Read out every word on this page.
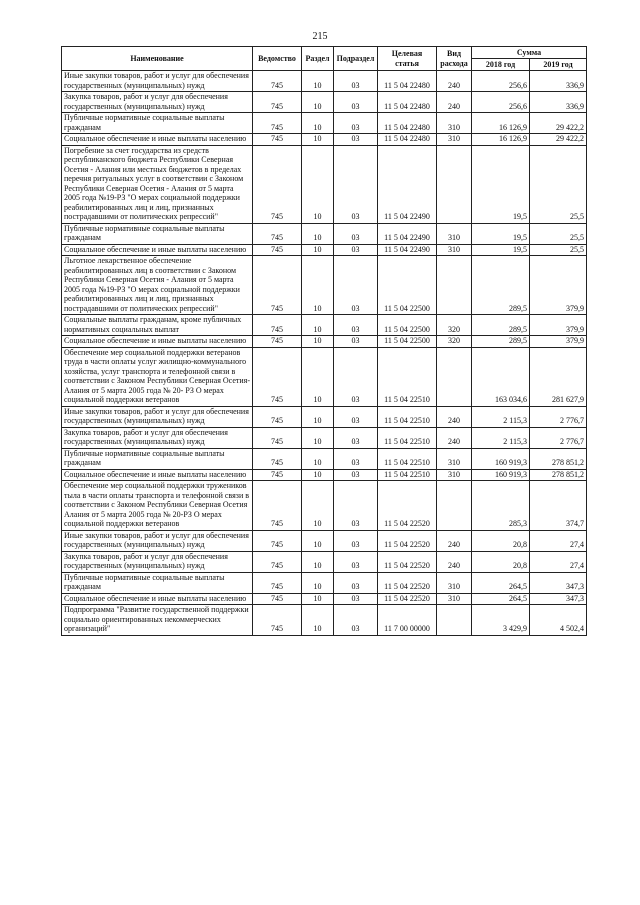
215
Наименование	Ведомство	Раздел	Подраздел	Целевая статья	Вид расхода	Сумма	
						2018 год	2019 год
Иные закупки товаров, работ и услуг для обеспечения государственных (муниципальных) нужд	745	10	03	11 5 04 22480	240	256,6	336,9
Закупка товаров, работ и услуг для обеспечения государственных (муниципальных) нужд	745	10	03	11 5 04 22480	240	256,6	336,9
Публичные нормативные социальные выплаты гражданам	745	10	03	11 5 04 22480	310	16 126,9	29 422,2
Социальное обеспечение и иные выплаты населению	745	10	03	11 5 04 22480	310	16 126,9	29 422,2
Погребение за счет государства из средств республиканского бюджета Республики Северная Осетия - Алания или местных бюджетов в пределах перечня ритуальных услуг в соответствии с Законом Республики Северная Осетия - Алания от 5 марта 2005 года №19-РЗ "О мерах социальной поддержки реабилитированных лиц и лиц, признанных пострадавшими от политических репрессий"	745	10	03	11 5 04 22490		19,5	25,5
Публичные нормативные социальные выплаты гражданам	745	10	03	11 5 04 22490	310	19,5	25,5
Социальное обеспечение и иные выплаты населению	745	10	03	11 5 04 22490	310	19,5	25,5
Льготное лекарственное обеспечение реабилитированных лиц в соответствии с Законом Республики Северная Осетия - Алания от 5 марта 2005 года №19-РЗ "О мерах социальной поддержки реабилитированных лиц и лиц, признанных пострадавшими от политических репрессий"	745	10	03	11 5 04 22500		289,5	379,9
Социальные выплаты гражданам, кроме публичных нормативных социальных выплат	745	10	03	11 5 04 22500	320	289,5	379,9
Социальное обеспечение и иные выплаты населению	745	10	03	11 5 04 22500	320	289,5	379,9
Обеспечение мер социальной поддержки ветеранов труда в части оплаты услуг жилищно-коммунального хозяйства, услуг транспорта и телефонной связи в соответствии с Законом Республики Северная Осетия-Алания от 5 марта 2005 года № 20- РЗ О мерах социальной поддержки ветеранов	745	10	03	11 5 04 22510		163 034,6	281 627,9
Иные закупки товаров, работ и услуг для обеспечения государственных (муниципальных) нужд	745	10	03	11 5 04 22510	240	2 115,3	2 776,7
Закупка товаров, работ и услуг для обеспечения государственных (муниципальных) нужд	745	10	03	11 5 04 22510	240	2 115,3	2 776,7
Публичные нормативные социальные выплаты гражданам	745	10	03	11 5 04 22510	310	160 919,3	278 851,2
Социальное обеспечение и иные выплаты населению	745	10	03	11 5 04 22510	310	160 919,3	278 851,2
Обеспечение мер социальной поддержки тружеников тыла в части оплаты транспорта и телефонной связи в соответствии с Законом Республики Северная Осетия Алания от 5 марта 2005 года № 20-РЗ О мерах социальной поддержки ветеранов	745	10	03	11 5 04 22520		285,3	374,7
Иные закупки товаров, работ и услуг для обеспечения государственных (муниципальных) нужд	745	10	03	11 5 04 22520	240	20,8	27,4
Закупка товаров, работ и услуг для обеспечения государственных (муниципальных) нужд	745	10	03	11 5 04 22520	240	20,8	27,4
Публичные нормативные социальные выплаты гражданам	745	10	03	11 5 04 22520	310	264,5	347,3
Социальное обеспечение и иные выплаты населению	745	10	03	11 5 04 22520	310	264,5	347,3
Подпрограмма "Развитие государственной поддержки социально ориентированных некоммерческих организаций"	745	10	03	11 7 00 00000		3 429,9	4 502,4
